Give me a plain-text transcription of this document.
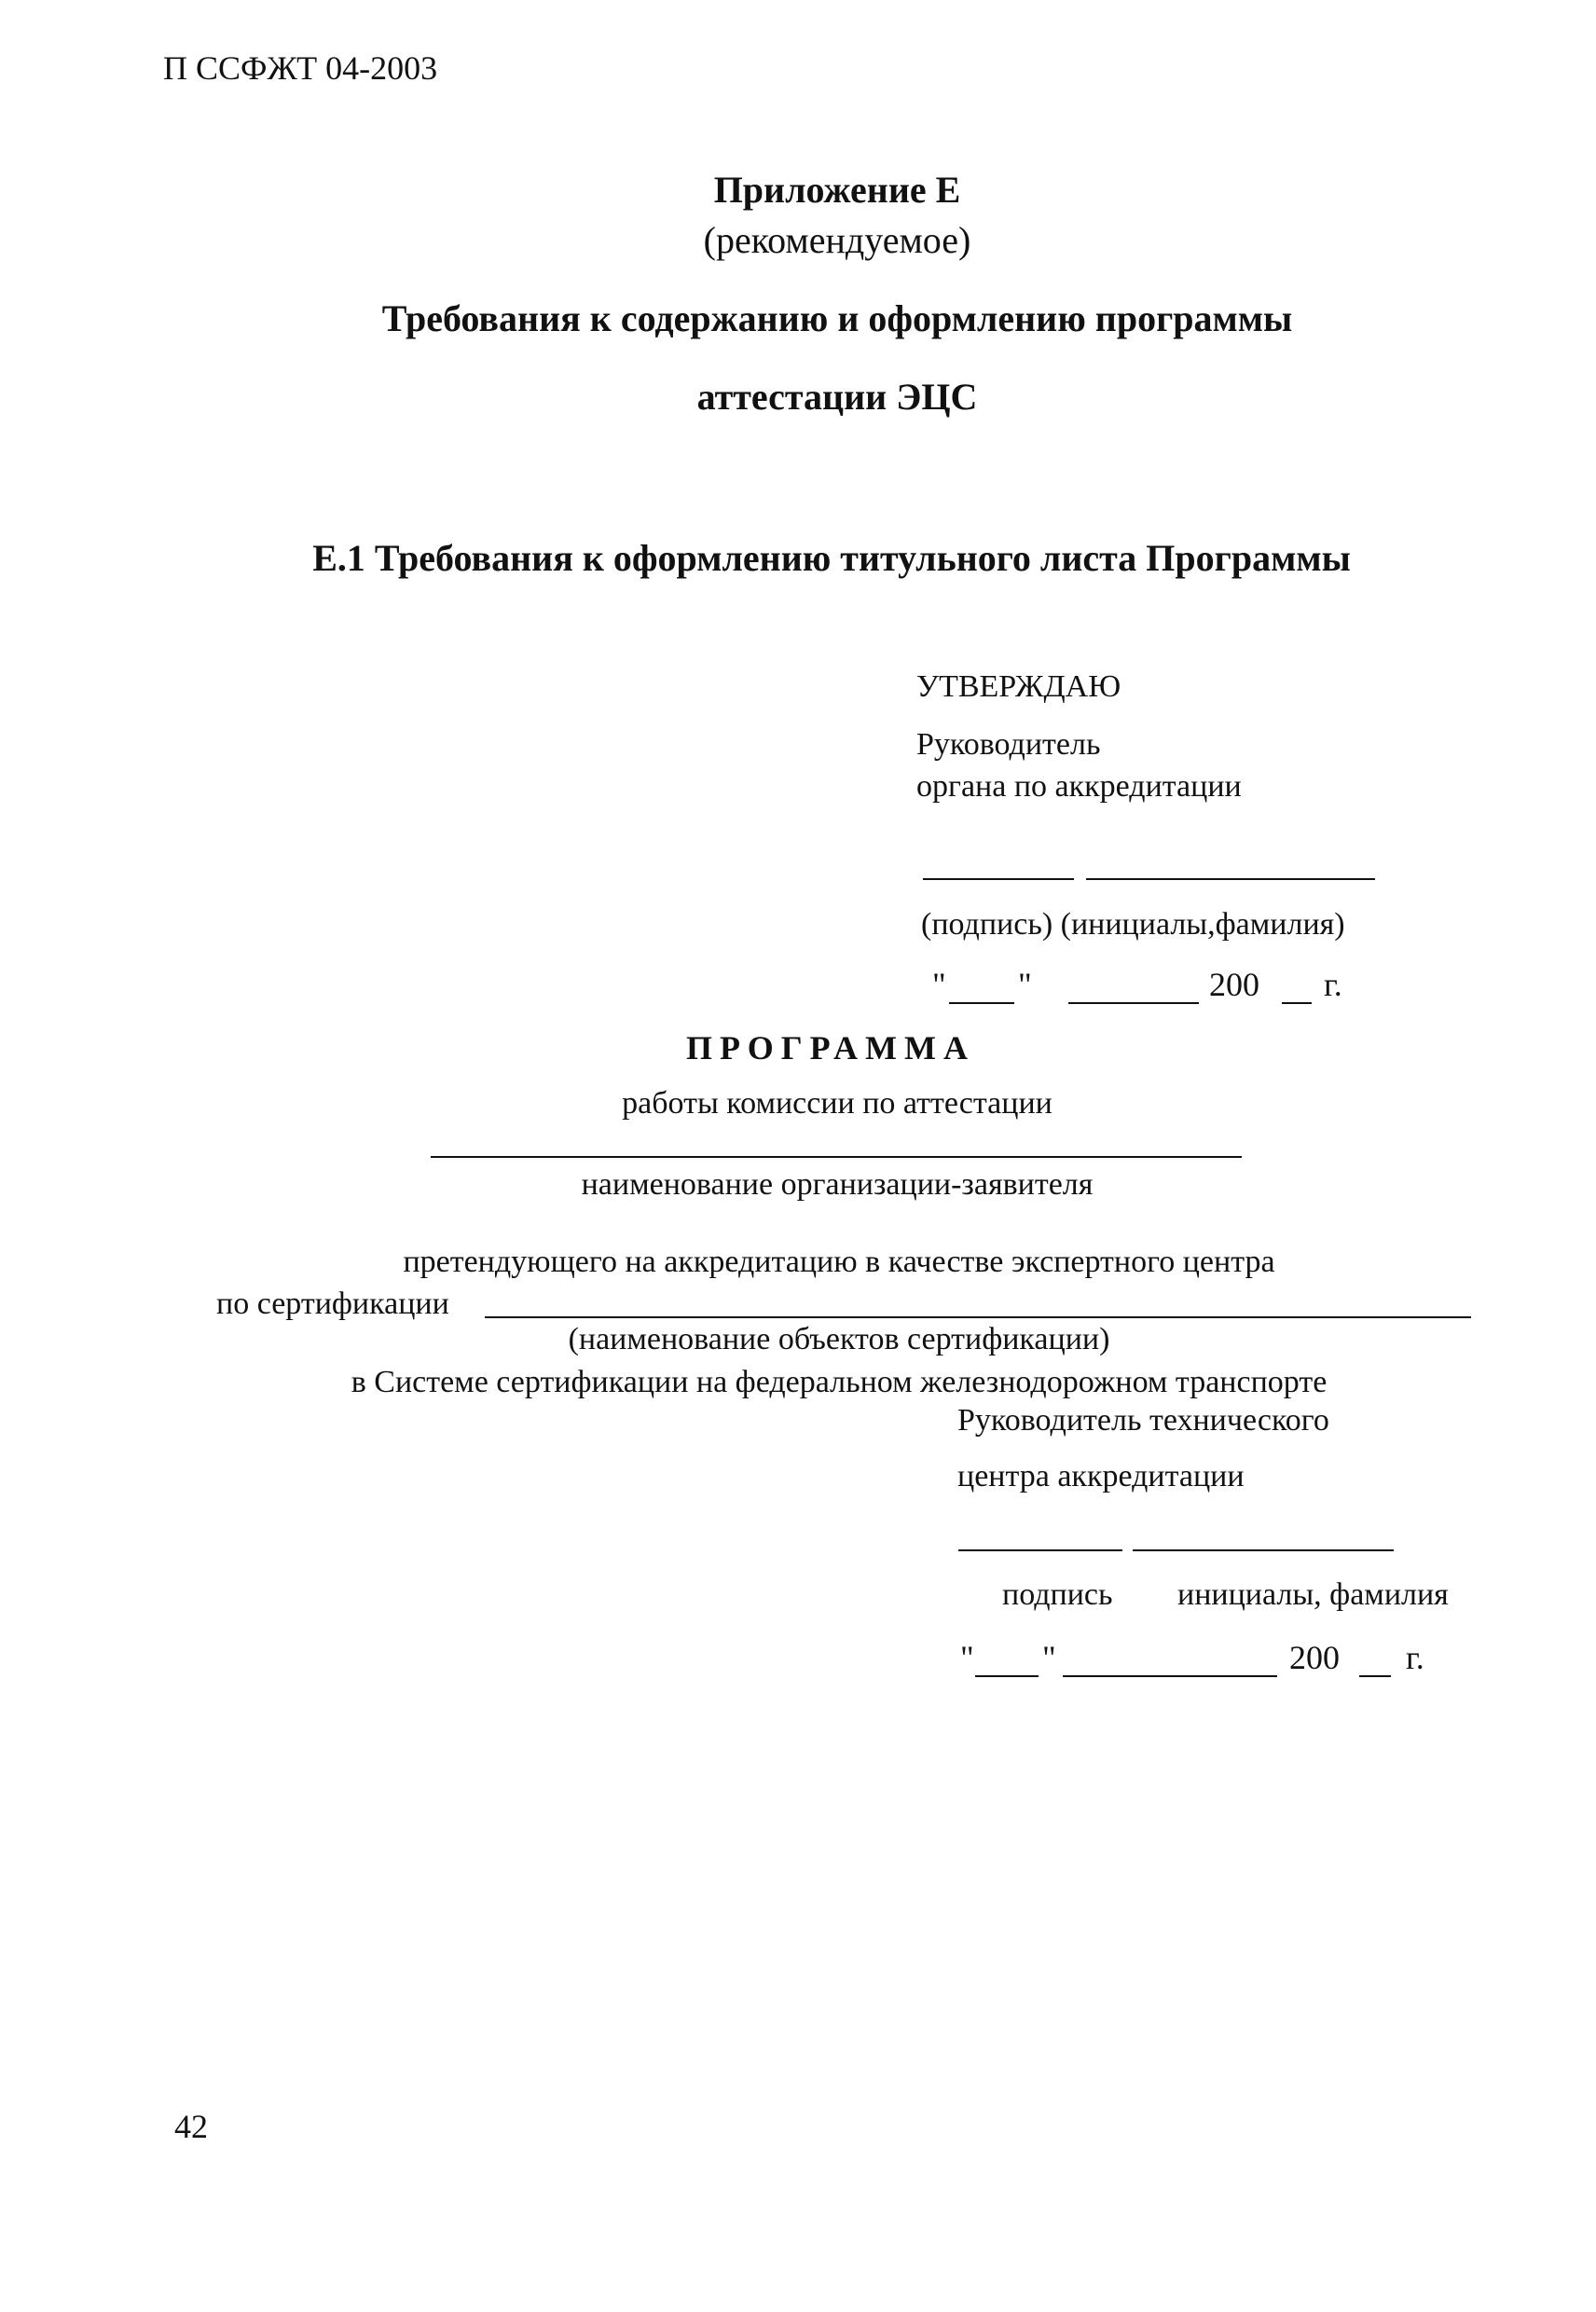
П ССФЖТ 04-2003
Приложение Е
(рекомендуемое)
Требования к содержанию и оформлению программы
аттестации ЭЦС
Е.1 Требования к оформлению титульного листа Программы
УТВЕРЖДАЮ
Руководитель
органа по аккредитации
(подпись) (инициалы,фамилия)
" "	200 г.
ПРОГРАММА
работы комиссии по аттестации
наименование организации-заявителя
претендующего на аккредитацию в качестве экспертного центра
по сертификации
(наименование объектов сертификации)
в Системе сертификации на федеральном железнодорожном транспорте
Руководитель технического
центра аккредитации
подпись инициалы, фамилия
" "	200 г.
42
